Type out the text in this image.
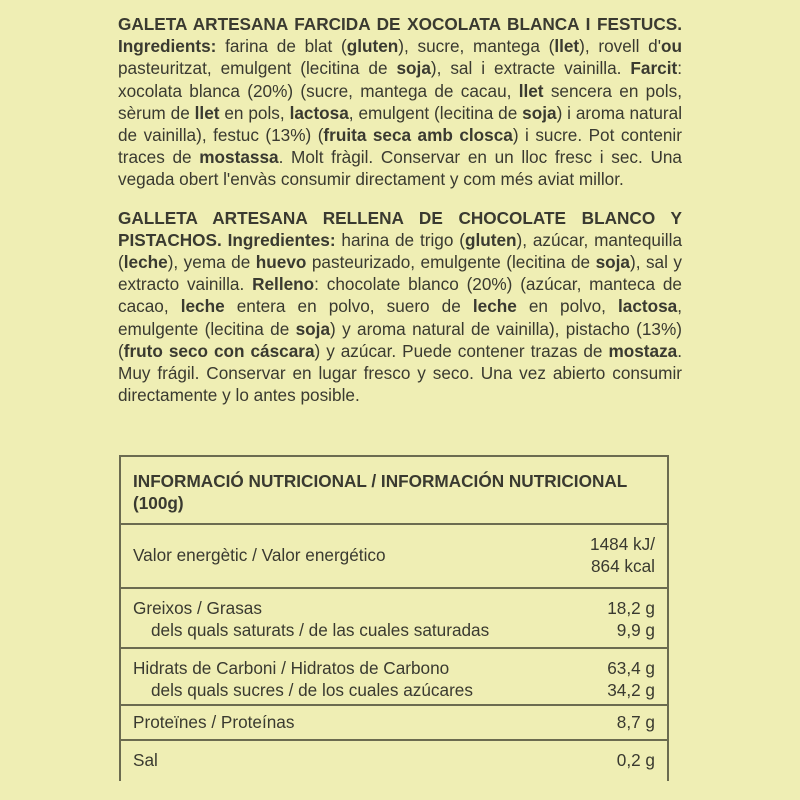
GALETA ARTESANA FARCIDA DE XOCOLATA BLANCA I FESTUCS. Ingredients: farina de blat (gluten), sucre, mantega (llet), rovell d'ou pasteuritzat, emulgent (lecitina de soja), sal i extracte vainilla. Farcit: xocolata blanca (20%) (sucre, mantega de cacau, llet sencera en pols, sèrum de llet en pols, lactosa, emulgent (lecitina de soja) i aroma natural de vainilla), festuc (13%) (fruita seca amb closca) i sucre. Pot contenir traces de mostassa. Molt fràgil. Conservar en un lloc fresc i sec. Una vegada obert l'envàs consumir directament y com més aviat millor.

GALLETA ARTESANA RELLENA DE CHOCOLATE BLANCO Y PISTACHOS. Ingredientes: harina de trigo (gluten), azúcar, mantequilla (leche), yema de huevo pasteurizado, emulgente (lecitina de soja), sal y extracto vainilla. Relleno: chocolate blanco (20%) (azúcar, manteca de cacao, leche entera en polvo, suero de leche en polvo, lactosa, emulgente (lecitina de soja) y aroma natural de vainilla), pistacho (13%) (fruto seco con cáscara) y azúcar. Puede contener trazas de mostaza. Muy frágil. Conservar en lugar fresco y seco. Una vez abierto consumir directamente y lo antes posible.

INFORMACIÓ NUTRICIONAL / INFORMACIÓN NUTRICIONAL (100g)
Valor energètic / Valor energético
1484 kJ/
864 kcal
Greixos / Grasas
dels quals saturats / de las cuales saturadas
18,2 g
9,9 g
Hidrats de Carboni / Hidratos de Carbono
dels quals sucres / de los cuales azúcares
63,4 g
34,2 g
Proteïnes / Proteínas	8,7 g
Sal	0,2 g
